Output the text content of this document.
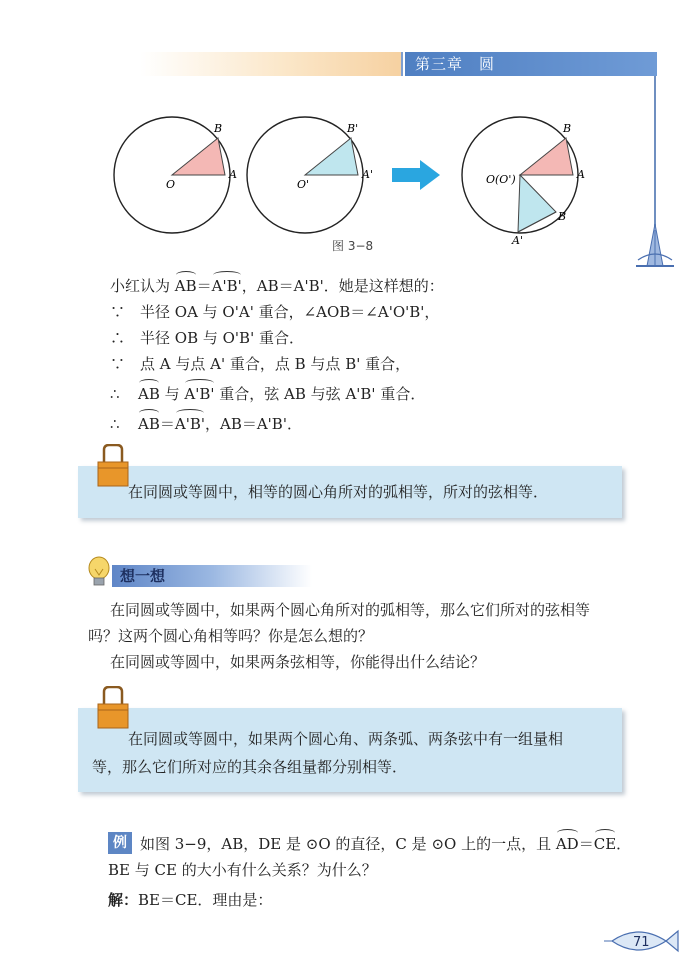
第三章　圆
O
B
A
O'
B'
A'	O(O')
B
A
B
A'
图 3−8
小红认为 AB＝A'B'，AB＝A'B'．她是这样想的：
∵　半径 OA 与 O'A' 重合，∠AOB＝∠A'O'B'，
∴　半径 OB 与 O'B' 重合．
∵　点 A 与点 A' 重合，点 B 与点 B' 重合，
∴ AB 与 A'B' 重合，弦 AB 与弦 A'B' 重合．
∴ AB＝A'B'，AB＝A'B'．
在同圆或等圆中，相等的圆心角所对的弧相等，所对的弦相等．
想一想
在同圆或等圆中，如果两个圆心角所对的弧相等，那么它们所对的弦相等
吗？这两个圆心角相等吗？你是怎么想的？
在同圆或等圆中，如果两条弦相等，你能得出什么结论？
在同圆或等圆中，如果两个圆心角、两条弧、两条弦中有一组量相
等，那么它们所对应的其余各组量都分别相等．
例 如图 3−9，AB，DE 是 ⊙O 的直径，C 是 ⊙O 上的一点，且 AD＝CE．
BE 与 CE 的大小有什么关系？为什么？
解：BE＝CE．理由是：
71
